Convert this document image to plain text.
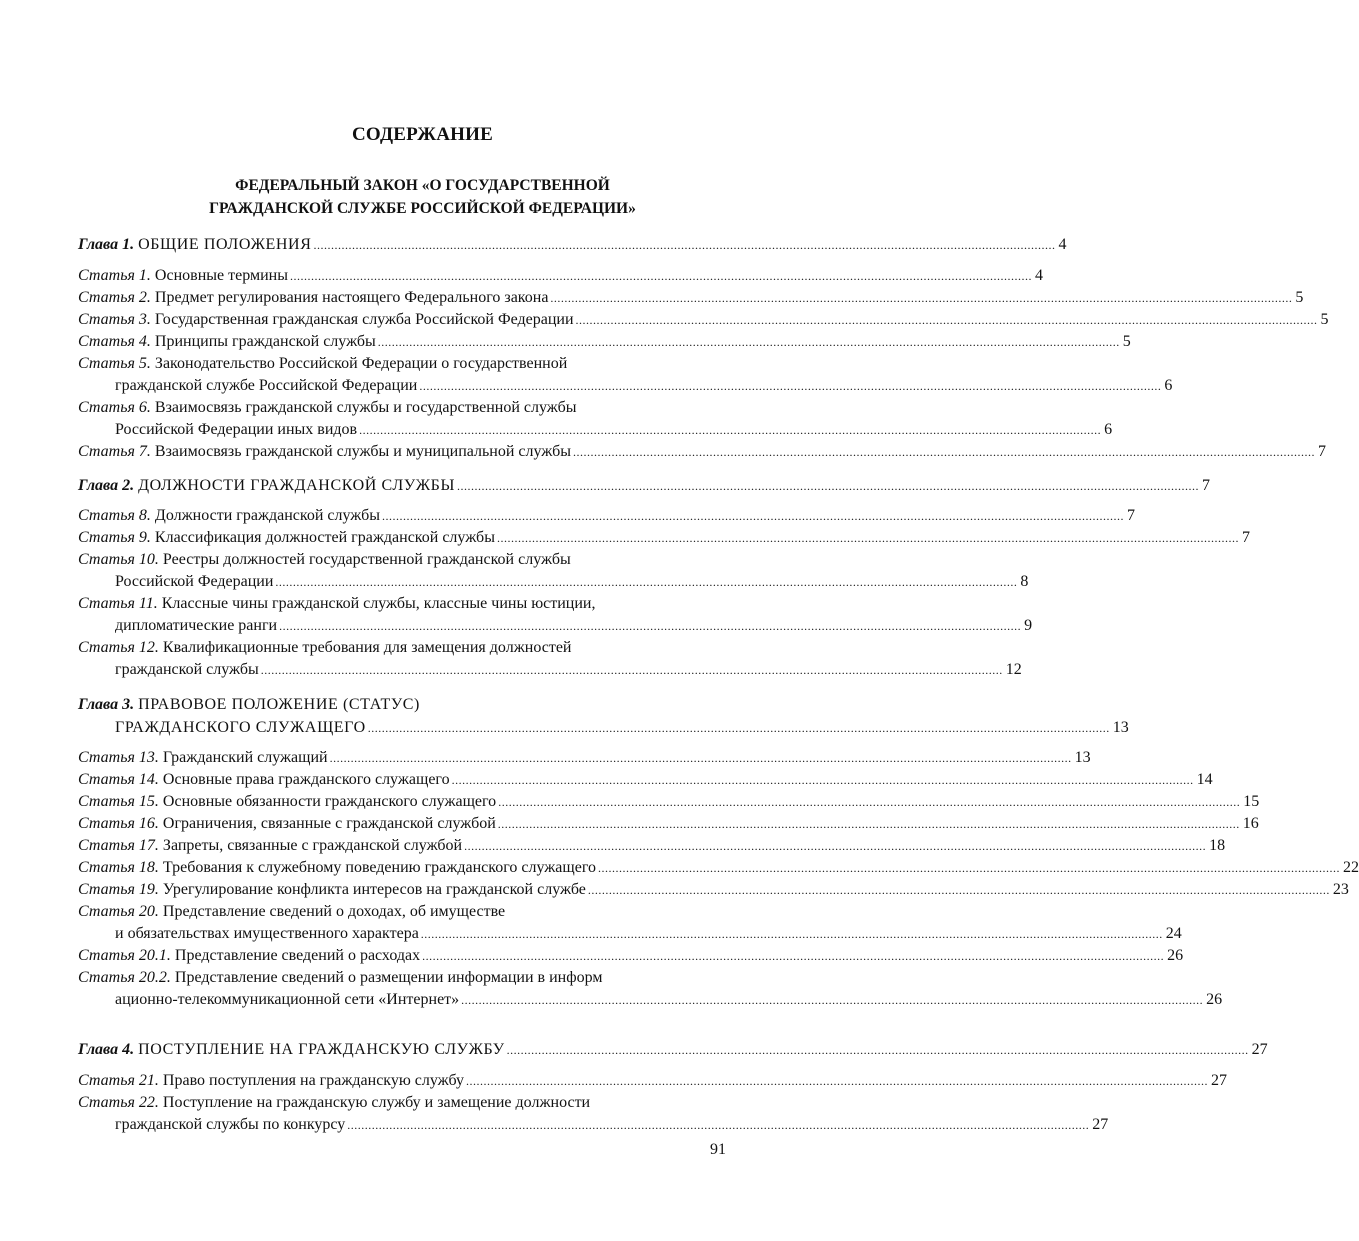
СОДЕРЖАНИЕ
ФЕДЕРАЛЬНЫЙ ЗАКОН «О ГОСУДАРСТВЕННОЙ
ГРАЖДАНСКОЙ СЛУЖБЕ РОССИЙСКОЙ ФЕДЕРАЦИИ»
Глава 1. ОБЩИЕ ПОЛОЖЕНИЯ .................................................................................................................................................................................................................... 4
Статья 1. Основные термины .................................................................................................................................................................................................................... 4
Статья 2. Предмет регулирования настоящего Федерального закона .................................................................................................................................................................................................................... 5
Статья 3. Государственная гражданская служба Российской Федерации .................................................................................................................................................................................................................... 5
Статья 4. Принципы гражданской службы .................................................................................................................................................................................................................... 5
Статья 5. Законодательство Российской Федерации о государственной
гражданской службе Российской Федерации .................................................................................................................................................................................................................... 6
Статья 6. Взаимосвязь гражданской службы и государственной службы
Российской Федерации иных видов .................................................................................................................................................................................................................... 6
Статья 7. Взаимосвязь гражданской службы и муниципальной службы .................................................................................................................................................................................................................... 7
Глава 2. ДОЛЖНОСТИ ГРАЖДАНСКОЙ СЛУЖБЫ .................................................................................................................................................................................................................... 7
Статья 8. Должности гражданской службы .................................................................................................................................................................................................................... 7
Статья 9. Классификация должностей гражданской службы .................................................................................................................................................................................................................... 7
Статья 10. Реестры должностей государственной гражданской службы
Российской Федерации .................................................................................................................................................................................................................... 8
Статья 11. Классные чины гражданской службы, классные чины юстиции,
дипломатические ранги .................................................................................................................................................................................................................... 9
Статья 12. Квалификационные требования для замещения должностей
гражданской службы .................................................................................................................................................................................................................... 12
Глава 3. ПРАВОВОЕ ПОЛОЖЕНИЕ (СТАТУС)
ГРАЖДАНСКОГО СЛУЖАЩЕГО .................................................................................................................................................................................................................... 13
Статья 13. Гражданский служащий .................................................................................................................................................................................................................... 13
Статья 14. Основные права гражданского служащего .................................................................................................................................................................................................................... 14
Статья 15. Основные обязанности гражданского служащего .................................................................................................................................................................................................................... 15
Статья 16. Ограничения, связанные с гражданской службой .................................................................................................................................................................................................................... 16
Статья 17. Запреты, связанные с гражданской службой .................................................................................................................................................................................................................... 18
Статья 18. Требования к служебному поведению гражданского служащего .................................................................................................................................................................................................................... 22
Статья 19. Урегулирование конфликта интересов на гражданской службе .................................................................................................................................................................................................................... 23
Статья 20. Представление сведений о доходах, об имуществе
и обязательствах имущественного характера .................................................................................................................................................................................................................... 24
Статья 20.1. Представление сведений о расходах .................................................................................................................................................................................................................... 26
Статья 20.2. Представление сведений о размещении информации в информ
ационно-телекоммуникационной сети «Интернет» .................................................................................................................................................................................................................... 26
Глава 4. ПОСТУПЛЕНИЕ НА ГРАЖДАНСКУЮ СЛУЖБУ .................................................................................................................................................................................................................... 27
Статья 21. Право поступления на гражданскую службу .................................................................................................................................................................................................................... 27
Статья 22. Поступление на гражданскую службу и замещение должности
гражданской службы по конкурсу .................................................................................................................................................................................................................... 27
91
